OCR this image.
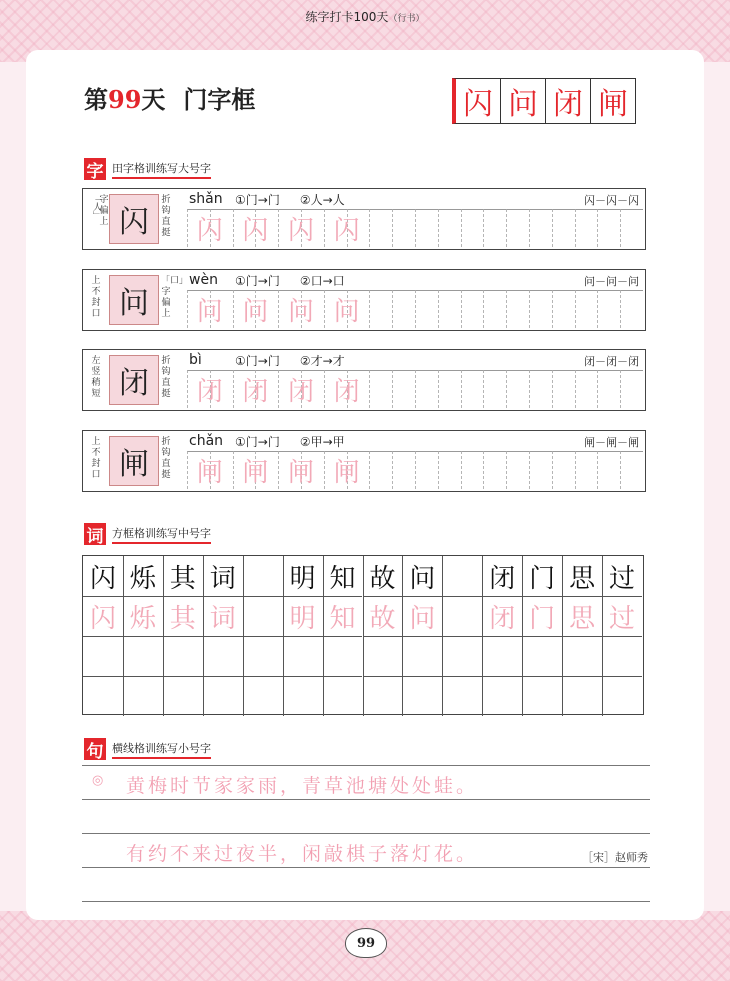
练字打卡100天（行书）
第99天 门字框	闪 问 闭 闸
字 田字格训练写大号字
「人」
字偏上 闪
折钩直挺
shǎn ①门→门 ②人→人	闪－闪－闪
闪 闪 闪 闪
上不封口 问
「口」字偏上
wèn ①门→门 ②口→口	问－问－问
问 问 问 问
左竖稍短 闭
折钩直挺
bì	①门→门 ②才→才	闭－闭－闭
闭 闭 闭 闭
上不封口 闸
折钩直挺
chǎn ①门→门 ②甲→甲	闸－闸－闸
闸 闸 闸 闸
词 方框格训练写中号字
闪 烁 其 词 明 知 故 问 闭 门 思 过
闪 烁 其 词 明 知 故 问 闭 门 思 过
句 横线格训练写小号字
◎ 黄梅时节家家雨，青草池塘处处蛙。
有约不来过夜半，闲敲棋子落灯花。	［宋］赵师秀
99
